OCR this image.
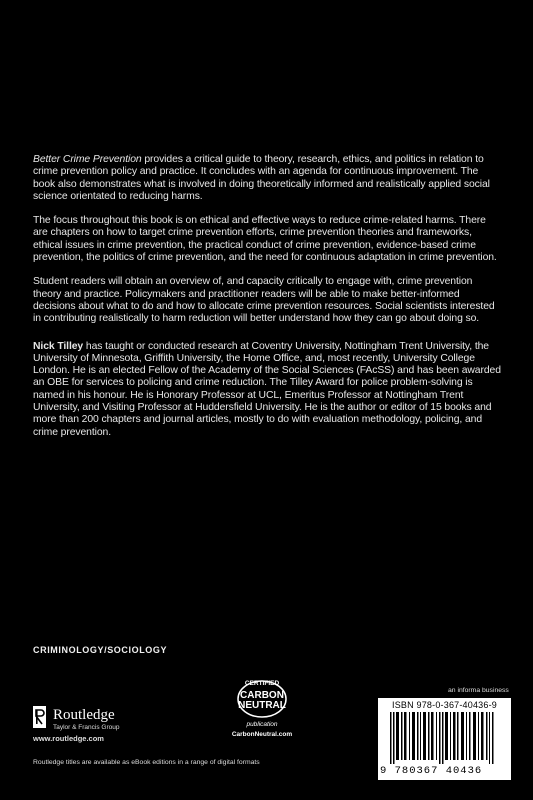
Better Crime Prevention provides a critical guide to theory, research, ethics, and politics in relation to crime prevention policy and practice. It concludes with an agenda for continuous improvement. The book also demonstrates what is involved in doing theoretically informed and realistically applied social science orientated to reducing harms.

The focus throughout this book is on ethical and effective ways to reduce crime-related harms. There are chapters on how to target crime prevention efforts, crime prevention theories and frameworks, ethical issues in crime prevention, the practical conduct of crime prevention, evidence-based crime prevention, the politics of crime prevention, and the need for continuous adaptation in crime prevention.

Student readers will obtain an overview of, and capacity critically to engage with, crime prevention theory and practice. Policymakers and practitioner readers will be able to make better-informed decisions about what to do and how to allocate crime prevention resources. Social scientists interested in contributing realistically to harm reduction will better understand how they can go about doing so.

Nick Tilley has taught or conducted research at Coventry University, Nottingham Trent University, the University of Minnesota, Griffith University, the Home Office, and, most recently, University College London. He is an elected Fellow of the Academy of the Social Sciences (FAcSS) and has been awarded an OBE for services to policing and crime reduction. The Tilley Award for police problem-solving is named in his honour. He is Honorary Professor at UCL, Emeritus Professor at Nottingham Trent University, and Visiting Professor at Huddersfield University. He is the author or editor of 15 books and more than 200 chapters and journal articles, mostly to do with evaluation methodology, policing, and crime prevention.

CRIMINOLOGY/SOCIOLOGY
Routledge
Taylor & Francis Group
www.routledge.com
CERTIFIED
CARBON
NEUTRAL
publication
CarbonNeutral.com
an informa business
ISBN 978-0-367-40436-9
9 780367 40436
Routledge titles are available as eBook editions in a range of digital formats
